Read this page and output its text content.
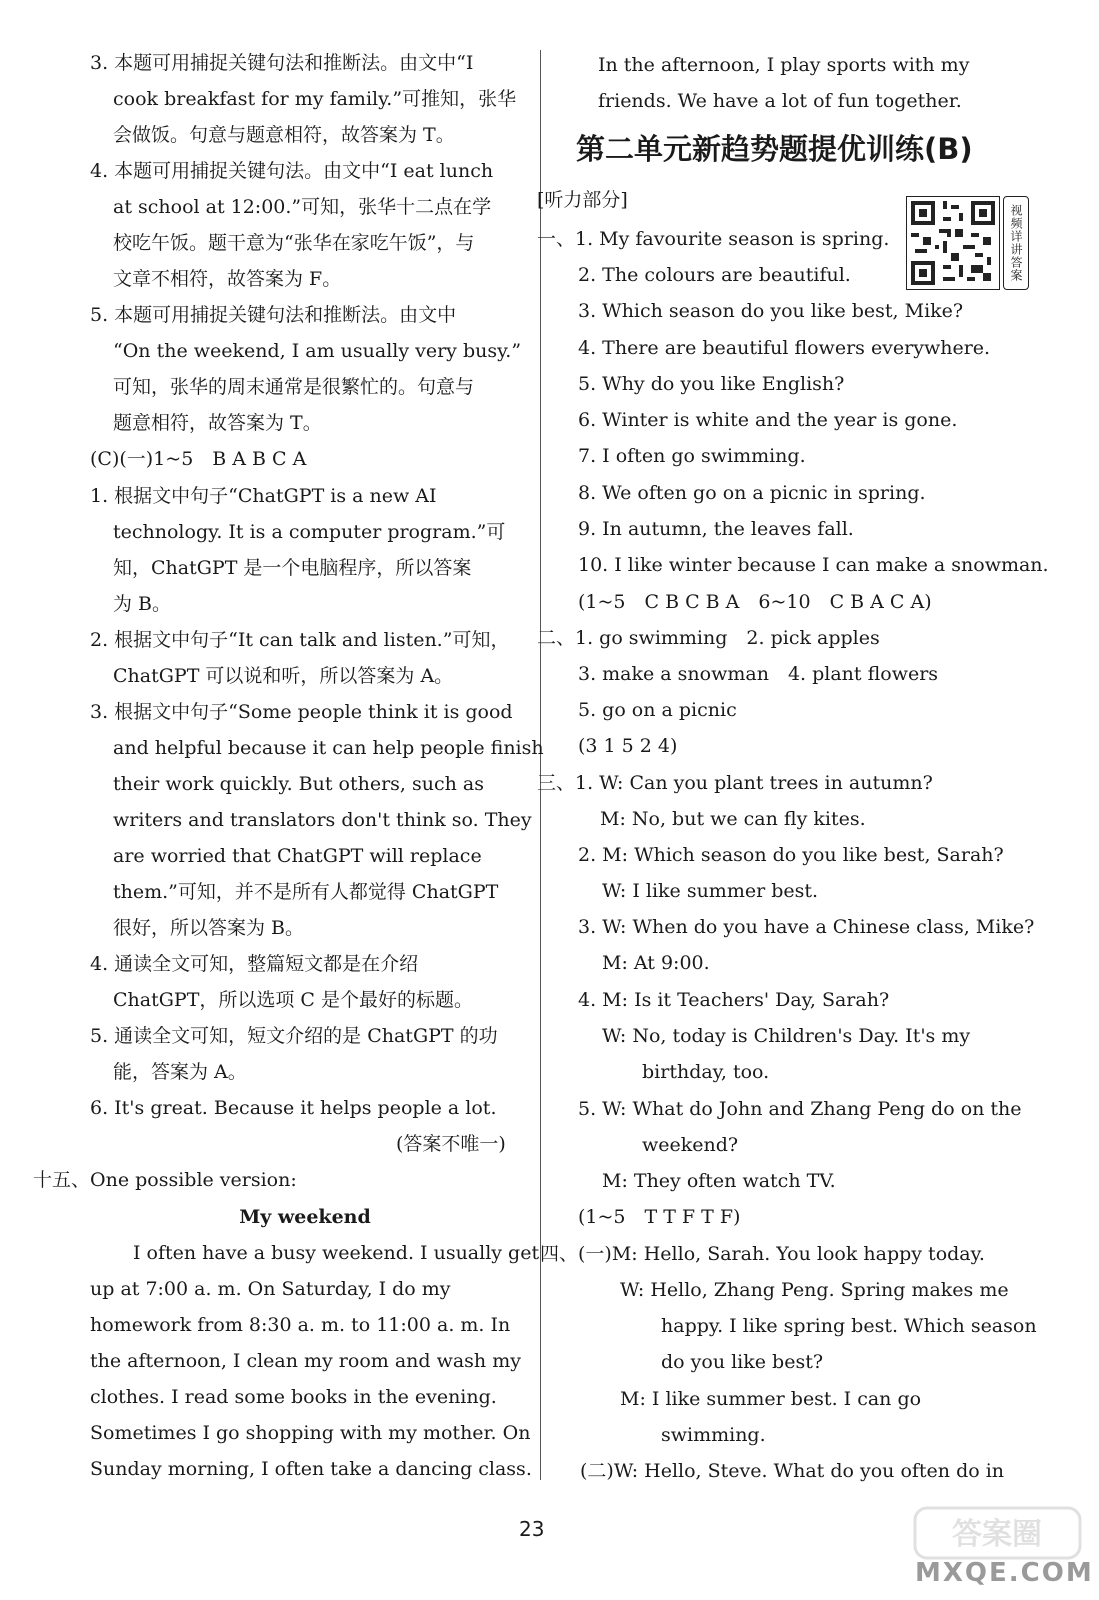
3. 本题可用捕捉关键句法和推断法。由文中“I
cook breakfast for my family.”可推知，张华
会做饭。句意与题意相符，故答案为 T。
4. 本题可用捕捉关键句法。由文中“I eat lunch
at school at 12:00.”可知，张华十二点在学
校吃午饭。题干意为“张华在家吃午饭”，与
文章不相符，故答案为 F。
5. 本题可用捕捉关键句法和推断法。由文中
“On the weekend, I am usually very busy.”
可知，张华的周末通常是很繁忙的。句意与
题意相符，故答案为 T。
(C)(一)1~5　B A B C A
1. 根据文中句子“ChatGPT is a new AI
technology. It is a computer program.”可
知，ChatGPT 是一个电脑程序，所以答案
为 B。
2. 根据文中句子“It can talk and listen.”可知，
ChatGPT 可以说和听，所以答案为 A。
3. 根据文中句子“Some people think it is good
and helpful because it can help people finish
their work quickly. But others, such as
writers and translators don't think so. They
are worried that ChatGPT will replace
them.”可知，并不是所有人都觉得 ChatGPT
很好，所以答案为 B。
4. 通读全文可知，整篇短文都是在介绍
ChatGPT，所以选项 C 是个最好的标题。
5. 通读全文可知，短文介绍的是 ChatGPT 的功
能，答案为 A。
6. It's great. Because it helps people a lot.
(答案不唯一)
十五、One possible version:
My weekend
I often have a busy weekend. I usually get
up at 7:00 a. m. On Saturday, I do my
homework from 8:30 a. m. to 11:00 a. m. In
the afternoon, I clean my room and wash my
clothes. I read some books in the evening.
Sometimes I go shopping with my mother. On
Sunday morning, I often take a dancing class.
In the afternoon, I play sports with my
friends. We have a lot of fun together.
第二单元新趋势题提优训练(B)
视频详讲答案
[听力部分]
一、1. My favourite season is spring.
2. The colours are beautiful.
3. Which season do you like best, Mike?
4. There are beautiful flowers everywhere.
5. Why do you like English?
6. Winter is white and the year is gone.
7. I often go swimming.
8. We often go on a picnic in spring.
9. In autumn, the leaves fall.
10. I like winter because I can make a snowman.
(1~5　C B C B A　6~10　C B A C A)
二、1. go swimming　2. pick apples
3. make a snowman　4. plant flowers
5. go on a picnic
(3 1 5 2 4)
三、1. W: Can you plant trees in autumn?
M: No, but we can fly kites.
2. M: Which season do you like best, Sarah?
W: I like summer best.
3. W: When do you have a Chinese class, Mike?
M: At 9:00.
4. M: Is it Teachers' Day, Sarah?
W: No, today is Children's Day. It's my
birthday, too.
5. W: What do John and Zhang Peng do on the
weekend?
M: They often watch TV.
(1~5　T T F T F)
四、(一)M: Hello, Sarah. You look happy today.
W: Hello, Zhang Peng. Spring makes me
happy. I like spring best. Which season
do you like best?
M: I like summer best. I can go
swimming.
(二)W: Hello, Steve. What do you often do in
23	答案圈
MXQE.COM
